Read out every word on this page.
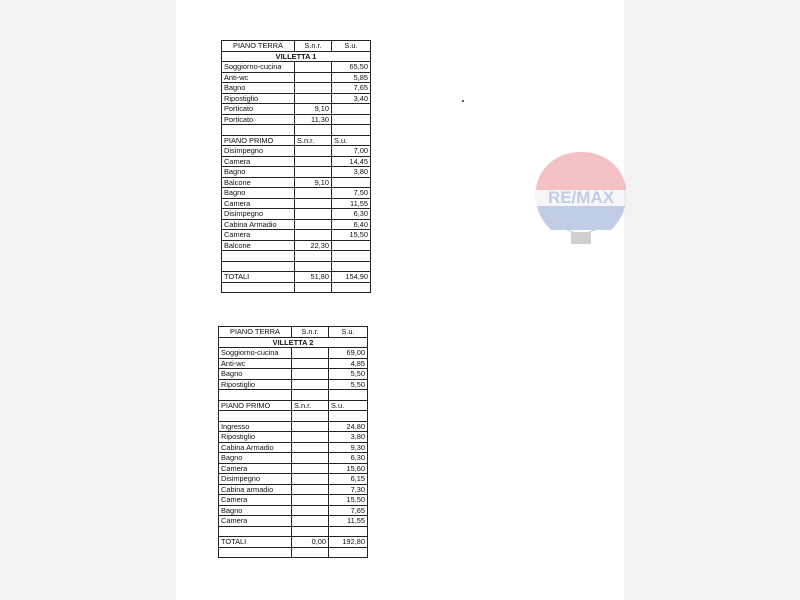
RE/MAX
PIANO TERRA	S.n.r.	S.u.
VILLETTA 1		
Soggiorno-cucina		65,50
Anti-wc		5,85
Bagno		7,65
Ripostiglio		3,40
Porticato	9,10	
Porticato	11,30	

PIANO PRIMO	S.n.r.	S.u.
Disimpegno		7,00
Camera		14,45
Bagno		3,80
Balcone	9,10	
Bagno		7,50
Camera		11,55
Disimpegno		6,30
Cabina Armadio		6,40
Camera		15,50
Balcone	22,30	

TOTALI	51,80	154,90

PIANO TERRA	S.n.r.	S.u.
VILLETTA 2		
Soggiorno-cucina		69,00
Anti-wc		4,85
Bagno		5,50
Ripostiglio		5,50

PIANO PRIMO	S.n.r.	S.u.

Ingresso		24,80
Ripostiglio		3,80
Cabina Armadio		9,30
Bagno		6,30
Camera		15,60
Disimpegno		6,15
Cabina armadio		7,30
Camera		15,50
Bagno		7,65
Camera		11,55

TOTALI	0,00	192,80
